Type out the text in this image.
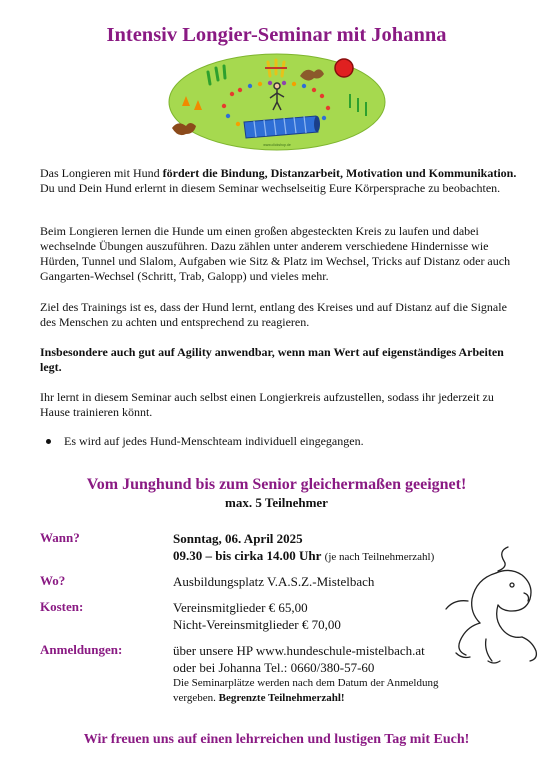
Intensiv Longier-Seminar mit Johanna
www.clickshop.de

Das Longieren mit Hund fördert die Bindung, Distanzarbeit, Motivation und Kommunikation. Du und Dein Hund erlernt in diesem Seminar wechselseitig Eure Körpersprache zu beobachten.

Beim Longieren lernen die Hunde um einen großen abgesteckten Kreis zu laufen und dabei wechselnde Übungen auszuführen. Dazu zählen unter anderem verschiedene Hindernisse wie Hürden, Tunnel und Slalom, Aufgaben wie Sitz & Platz im Wechsel, Tricks auf Distanz oder auch Gangarten-Wechsel (Schritt, Trab, Galopp) und vieles mehr.

Ziel des Trainings ist es, dass der Hund lernt, entlang des Kreises und auf Distanz auf die Signale des Menschen zu achten und entsprechend zu reagieren.

Insbesondere auch gut auf Agility anwendbar, wenn man Wert auf eigenständiges Arbeiten legt.

Ihr lernt in diesem Seminar auch selbst einen Longierkreis aufzustellen, sodass ihr jederzeit zu Hause trainieren könnt.

Es wird auf jedes Hund-Menschteam individuell eingegangen.
Vom Junghund bis zum Senior gleichermaßen geeignet!
max. 5 Teilnehmer
Wann?	Sonntag, 06. April 2025
09.30 – bis cirka 14.00 Uhr (je nach Teilnehmerzahl)
Wo?	Ausbildungsplatz V.A.S.Z.-Mistelbach
Kosten:	Vereinsmitglieder € 65,00
Nicht-Vereinsmitglieder € 70,00
Anmeldungen:	über unsere HP www.hundeschule-mistelbach.at
oder bei Johanna Tel.: 0660/380-57-60
Die Seminarplätze werden nach dem Datum der Anmeldung vergeben. Begrenzte Teilnehmerzahl!
Wir freuen uns auf einen lehrreichen und lustigen Tag mit Euch!
